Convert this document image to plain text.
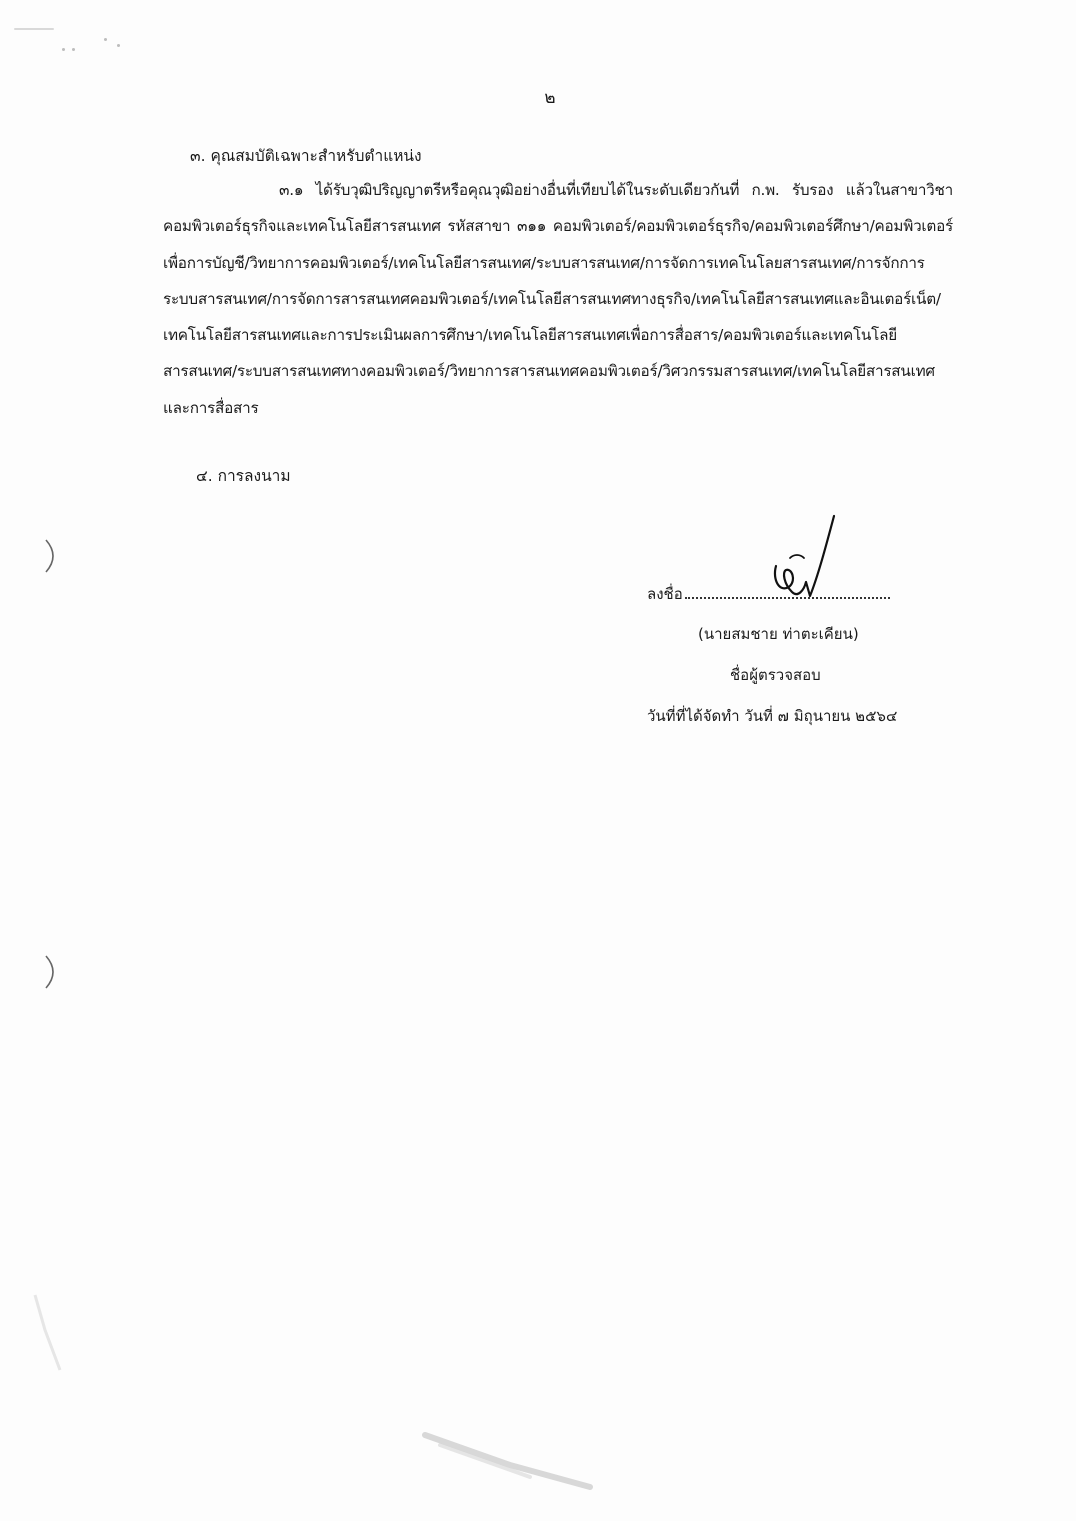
๒
๓. คุณสมบัติเฉพาะสำหรับตำแหน่ง
๓.๑ ได้รับวุฒิปริญญาตรีหรือคุณวุฒิอย่างอื่นที่เทียบได้ในระดับเดียวกันที่ ก.พ. รับรอง แล้วในสาขาวิชาคอมพิวเตอร์ธุรกิจและเทคโนโลยีสารสนเทศ รหัสสาขา ๓๑๑ คอมพิวเตอร์/คอมพิวเตอร์ธุรกิจ/คอมพิวเตอร์ศึกษา/คอมพิวเตอร์เพื่อการบัญชี/วิทยาการคอมพิวเตอร์/เทคโนโลยีสารสนเทศ/ระบบสารสนเทศ/การจัดการเทคโนโลยสารสนเทศ/การจักการระบบสารสนเทศ/การจัดการสารสนเทศคอมพิวเตอร์/เทคโนโลยีสารสนเทศทางธุรกิจ/เทคโนโลยีสารสนเทศและอินเตอร์เน็ต/เทคโนโลยีสารสนเทศและการประเมินผลการศึกษา/เทคโนโลยีสารสนเทศเพื่อการสื่อสาร/คอมพิวเตอร์และเทคโนโลยีสารสนเทศ/ระบบสารสนเทศทางคอมพิวเตอร์/วิทยาการสารสนเทศคอมพิวเตอร์/วิศวกรรมสารสนเทศ/เทคโนโลยีสารสนเทศและการสื่อสาร
๔. การลงนาม
ลงชื่อ
(นายสมชาย ท่าตะเคียน)
ชื่อผู้ตรวจสอบ
วันที่ที่ได้จัดทำ วันที่ ๗ มิถุนายน ๒๕๖๔
